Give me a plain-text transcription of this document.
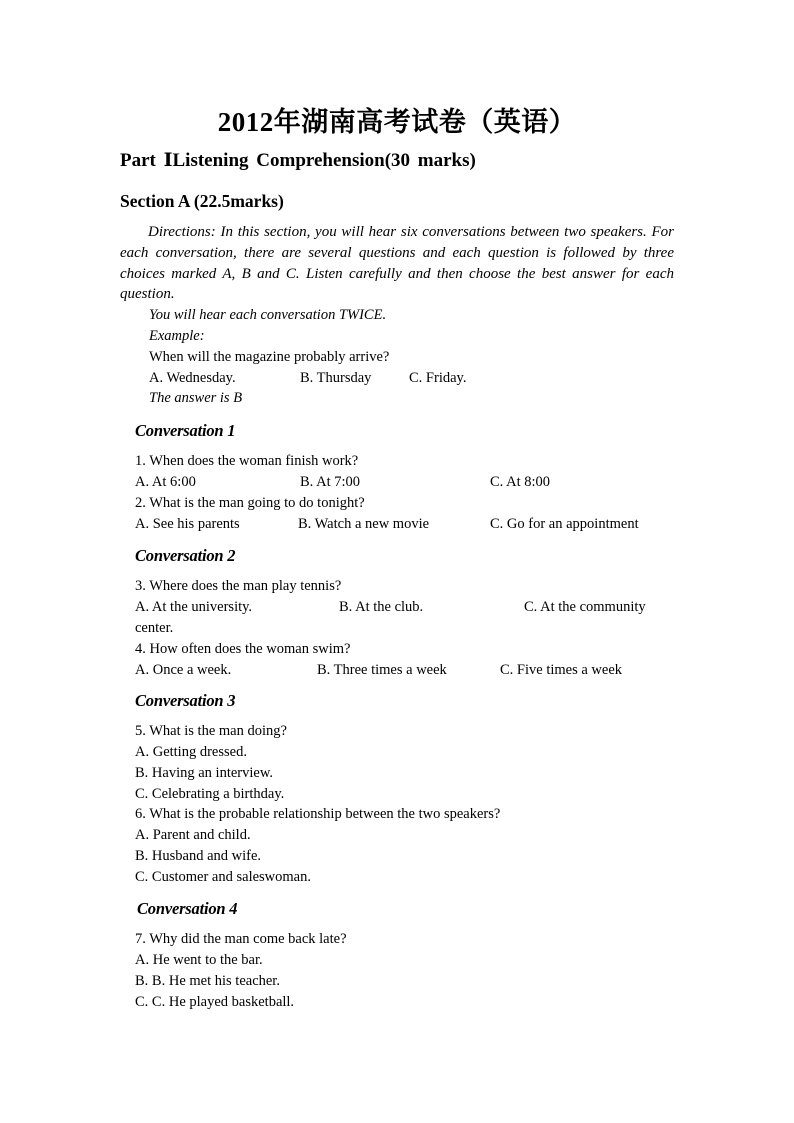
2012年湖南高考试卷（英语）
Part ⅠListening Comprehension(30 marks)
Section A (22.5marks)
Directions: In this section, you will hear six conversations between two speakers. For each conversation, there are several questions and each question is followed by three choices marked A, B and C. Listen carefully and then choose the best answer for each question.
You will hear each conversation TWICE.
Example:
When will the magazine probably arrive?
A. Wednesday.	B. Thursday	C. Friday.
The answer is B
Conversation 1
1. When does the woman finish work?
A. At 6:00	B. At 7:00	C. At 8:00
2. What is the man going to do tonight?
A. See his parents	B. Watch a new movie	C. Go for an appointment
Conversation 2
3. Where does the man play tennis?
A. At the university.	B. At the club.	C. At the community
center.
4. How often does the woman swim?
A. Once a week.	B. Three times a week	C. Five times a week
Conversation 3
5. What is the man doing?
A. Getting dressed.
B. Having an interview.
C. Celebrating a birthday.
6. What is the probable relationship between the two speakers?
A. Parent and child.
B. Husband and wife.
C. Customer and saleswoman.
Conversation 4
7. Why did the man come back late?
A. He went to the bar.
B. B. He met his teacher.
C. C. He played basketball.
